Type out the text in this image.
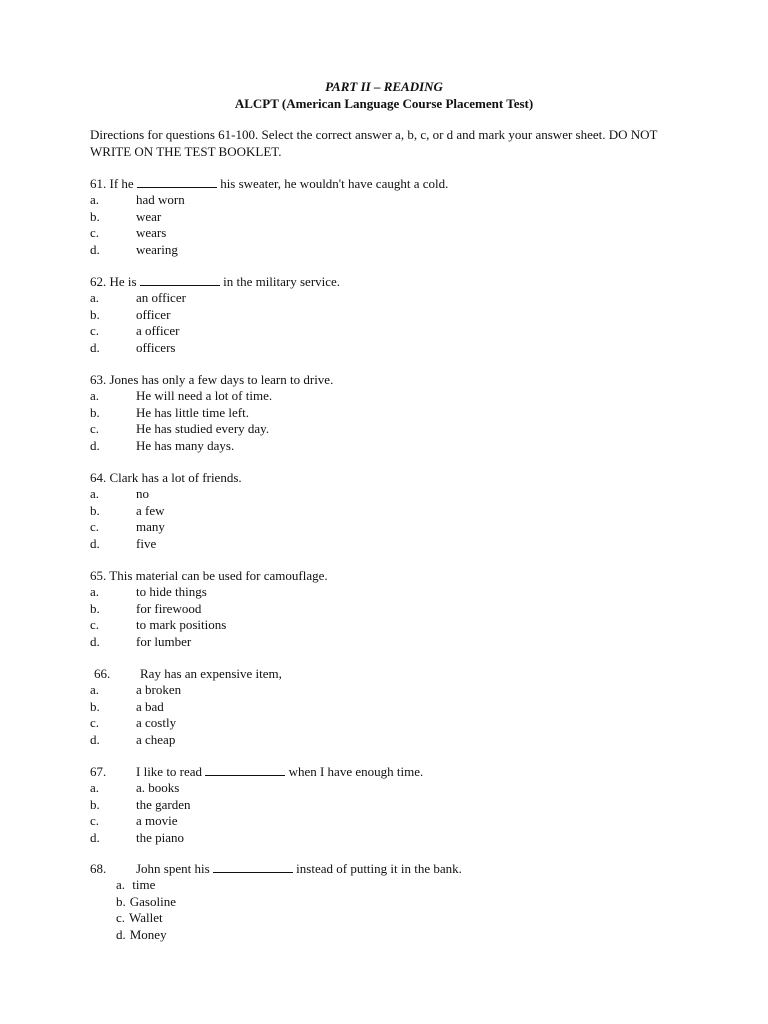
PART II – READING
ALCPT (American Language Course Placement Test)
Directions for questions 61-100. Select the correct answer a, b, c, or d and mark your answer sheet. DO NOT WRITE ON THE TEST BOOKLET.
61. If he	his sweater, he wouldn't have caught a cold.
a.	had worn
b.	wear
c.	wears
d.	wearing
62. He is	in the military service.
a.	an officer
b.	officer
c.	a officer
d.	officers
63. Jones has only a few days to learn to drive.
a.	He will need a lot of time.
b.	He has little time left.
c.	He has studied every day.
d.	He has many days.
64. Clark has a lot of friends.
a.	no
b.	a few
c.	many
d.	five
65. This material can be used for camouflage.
a.	to hide things
b.	for firewood
c.	to mark positions
d.	for lumber
66. Ray has an expensive item,
a.	a broken
b.	a bad
c.	a costly
d.	a cheap
67. I like to read	when I have enough time.
a.	a. books
b.	the garden
c.	a movie
d.	the piano
68. John spent his	instead of putting it in the bank.
a. time
b. Gasoline
c. Wallet
d. Money
